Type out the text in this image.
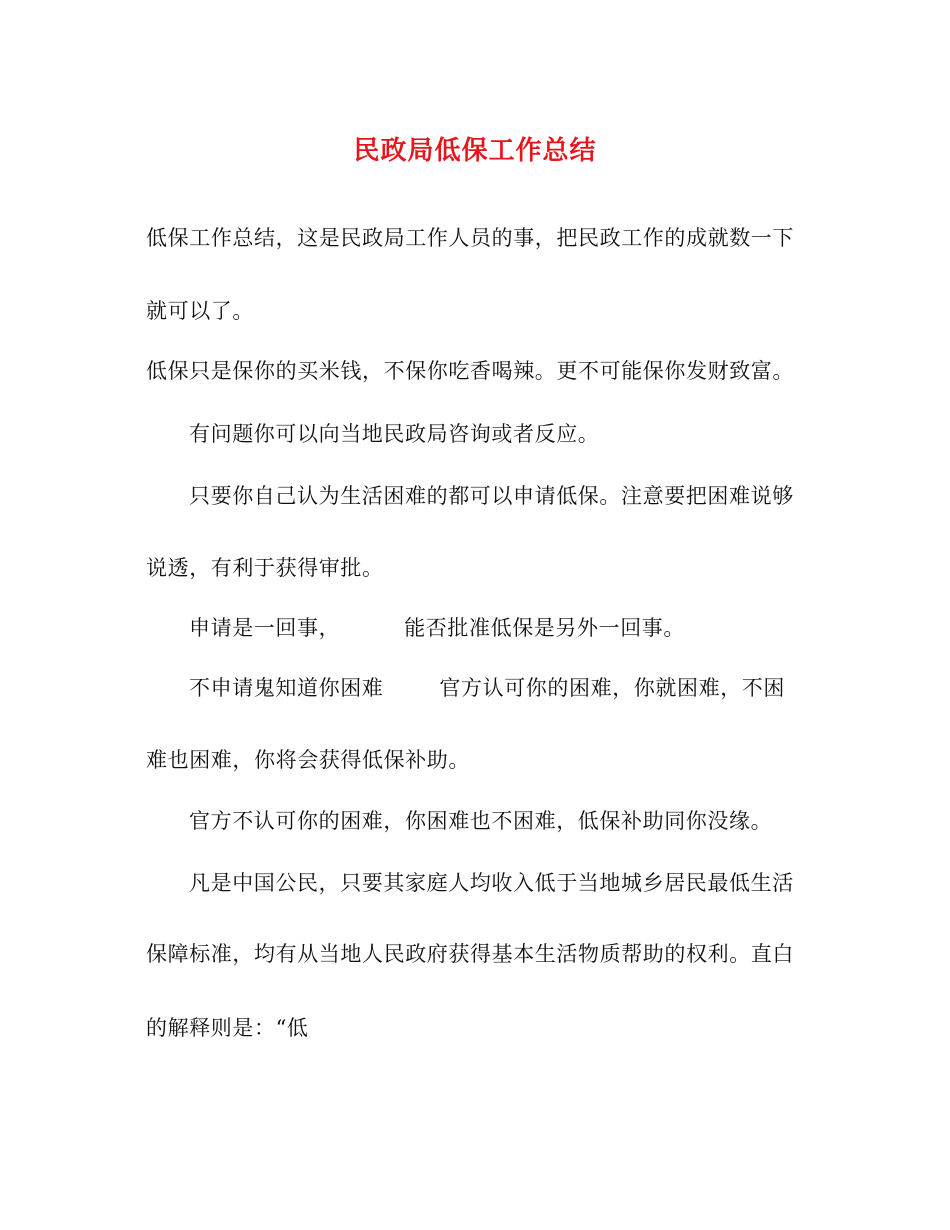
民政局低保工作总结
低保工作总结，这是民政局工作人员的事，把民政工作的成就数一下
就可以了。
低保只是保你的买米钱，不保你吃香喝辣。更不可能保你发财致富。
有问题你可以向当地民政局咨询或者反应。
只要你自己认为生活困难的都可以申请低保。注意要把困难说够
说透，有利于获得审批。
申请是一回事，	能否批准低保是另外一回事。
不申请鬼知道你困难	官方认可你的困难，你就困难，不困
难也困难，你将会获得低保补助。
官方不认可你的困难，你困难也不困难，低保补助同你没缘。
凡是中国公民，只要其家庭人均收入低于当地城乡居民最低生活
保障标准，均有从当地人民政府获得基本生活物质帮助的权利。直白
的解释则是：“低
